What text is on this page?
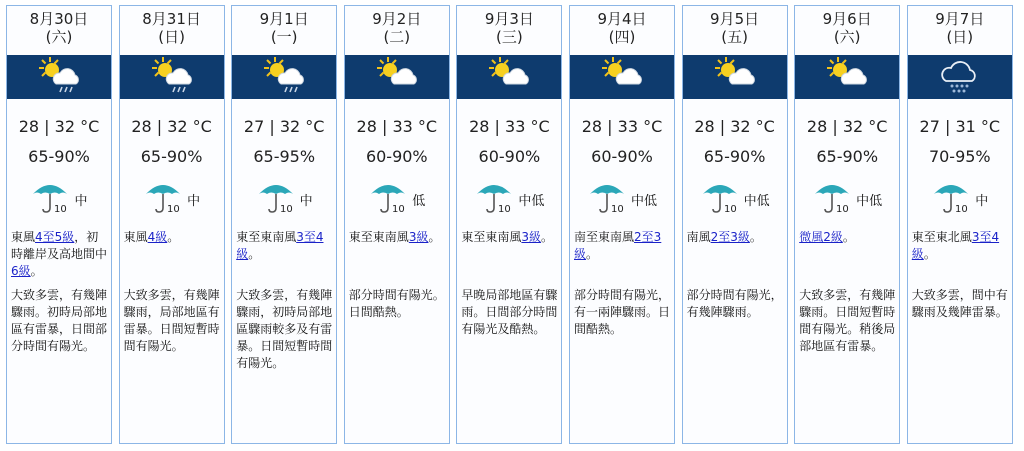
8月30日
(六)
28 | 32 °C
65-90%
10
中
東風4至5級，初時離岸及高地間中6級。
大致多雲，有幾陣驟雨。初時局部地區有雷暴，日間部分時間有陽光。
8月31日
(日)
28 | 32 °C
65-90%
10
中
東風4級。
大致多雲，有幾陣驟雨，局部地區有雷暴。日間短暫時間有陽光。
9月1日
(一)
27 | 32 °C
65-95%
10
中
東至東南風3至4級。
大致多雲，有幾陣驟雨，初時局部地區驟雨較多及有雷暴。日間短暫時間有陽光。
9月2日
(二)
28 | 33 °C
60-90%
10
低
東至東南風3級。
部分時間有陽光。日間酷熱。
9月3日
(三)
28 | 33 °C
60-90%
10
中低
東至東南風3級。
早晚局部地區有驟雨。日間部分時間有陽光及酷熱。
9月4日
(四)
28 | 33 °C
60-90%
10
中低
南至東南風2至3級。
部分時間有陽光，有一兩陣驟雨。日間酷熱。
9月5日
(五)
28 | 32 °C
65-90%
10
中低
南風2至3級。
部分時間有陽光，有幾陣驟雨。
9月6日
(六)
28 | 32 °C
65-90%
10
中低
微風2級。
大致多雲，有幾陣驟雨。日間短暫時間有陽光。稍後局部地區有雷暴。
9月7日
(日)
27 | 31 °C
70-95%
10
中
東至東北風3至4級。
大致多雲，間中有驟雨及幾陣雷暴。
